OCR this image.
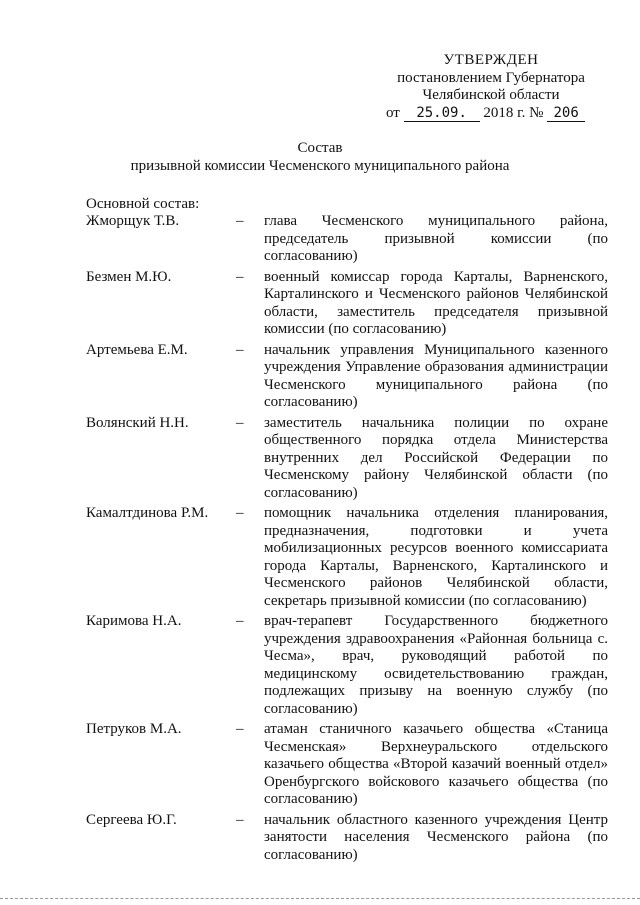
УТВЕРЖДЕН
постановлением Губернатора
Челябинской области
от 25.09. 2018 г. № 206
Состав
призывной комиссии Чесменского муниципального района
Основной состав:
Жморщук Т.В.	–	глава Чесменского муниципального района, председатель призывной комиссии (по согласованию)
Безмен М.Ю.	–	военный комиссар города Карталы, Варненского, Карталинского и Чесменского районов Челябинской области, заместитель председателя призывной комиссии (по согласованию)
Артемьева Е.М.	–	начальник управления Муниципального казенного учреждения Управление образования администрации Чесменского муниципального района (по согласованию)
Волянский Н.Н.	–	заместитель начальника полиции по охране общественного порядка отдела Министерства внутренних дел Российской Федерации по Чесменскому району Челябинской области (по согласованию)
Камалтдинова Р.М.	–	помощник начальника отделения планирования, предназначения, подготовки и учета мобилизационных ресурсов военного комиссариата города Карталы, Варненского, Карталинского и Чесменского районов Челябинской области, секретарь призывной комиссии (по согласованию)
Каримова Н.А.	–	врач-терапевт Государственного бюджетного учреждения здравоохранения «Районная больница с. Чесма», врач, руководящий работой по медицинскому освидетельствованию граждан, подлежащих призыву на военную службу (по согласованию)
Петруков М.А.	–	атаман станичного казачьего общества «Станица Чесменская» Верхнеуральского отдельского казачьего общества «Второй казачий военный отдел» Оренбургского войскового казачьего общества (по согласованию)
Сергеева Ю.Г.	–	начальник областного казенного учреждения Центр занятости населения Чесменского района (по согласованию)
